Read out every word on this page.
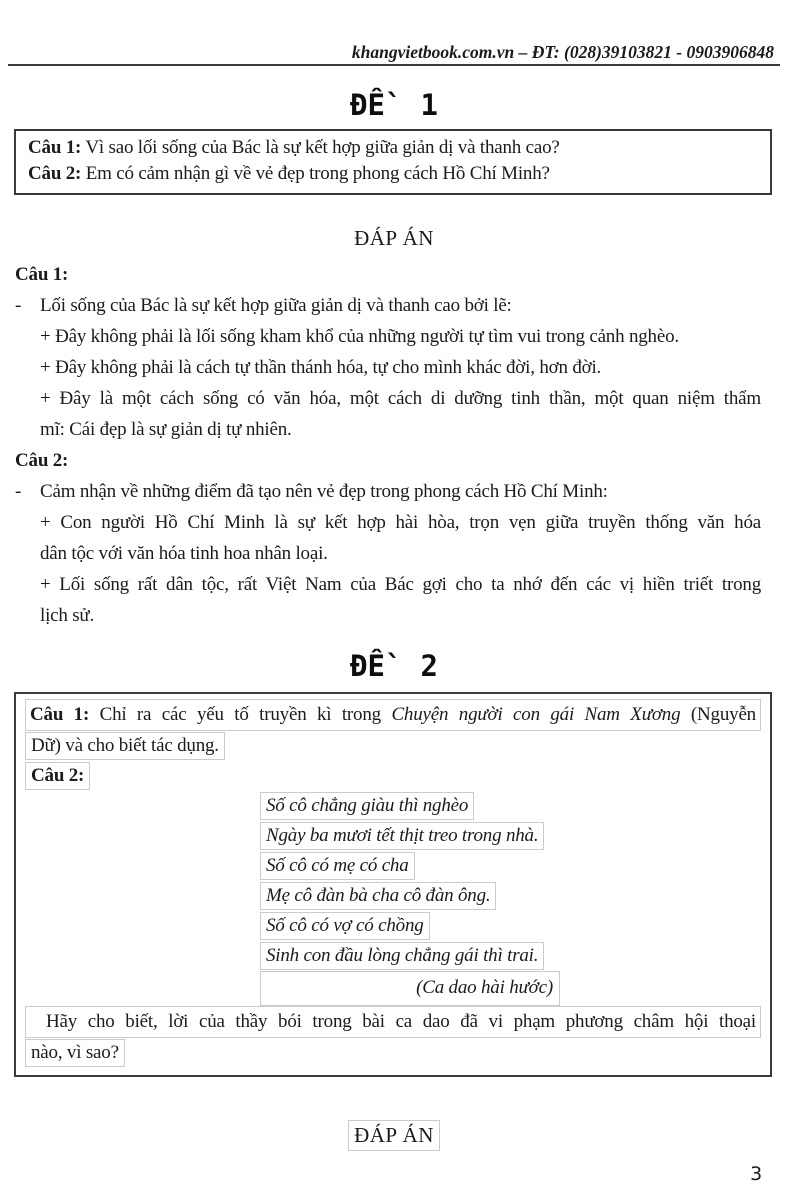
khangvietbook.com.vn – ĐT: (028)39103821 - 0903906848
ĐỀ 1
Câu 1: Vì sao lối sống của Bác là sự kết hợp giữa giản dị và thanh cao?
Câu 2: Em có cảm nhận gì về vẻ đẹp trong phong cách Hồ Chí Minh?
ĐÁP ÁN
Câu 1:
- Lối sống của Bác là sự kết hợp giữa giản dị và thanh cao bởi lẽ:
+ Đây không phải là lối sống kham khổ của những người tự tìm vui trong cảnh nghèo.
+ Đây không phải là cách tự thần thánh hóa, tự cho mình khác đời, hơn đời.
+ Đây là một cách sống có văn hóa, một cách di dưỡng tinh thần, một quan niệm thẩm
mĩ: Cái đẹp là sự giản dị tự nhiên.
Câu 2:
- Cảm nhận về những điểm đã tạo nên vẻ đẹp trong phong cách Hồ Chí Minh:
+ Con người Hồ Chí Minh là sự kết hợp hài hòa, trọn vẹn giữa truyền thống văn hóa
dân tộc với văn hóa tinh hoa nhân loại.
+ Lối sống rất dân tộc, rất Việt Nam của Bác gợi cho ta nhớ đến các vị hiền triết trong
lịch sử.
ĐỀ 2
Câu 1: Chỉ ra các yếu tố truyền kì trong Chuyện người con gái Nam Xương (Nguyễn
Dữ) và cho biết tác dụng.
Câu 2:
Số cô chẳng giàu thì nghèo
Ngày ba mươi tết thịt treo trong nhà.
Số cô có mẹ có cha
Mẹ cô đàn bà cha cô đàn ông.
Số cô có vợ có chồng
Sinh con đầu lòng chẳng gái thì trai.
(Ca dao hài hước)
Hãy cho biết, lời của thầy bói trong bài ca dao đã vi phạm phương châm hội thoại
nào, vì sao?
ĐÁP ÁN
3
